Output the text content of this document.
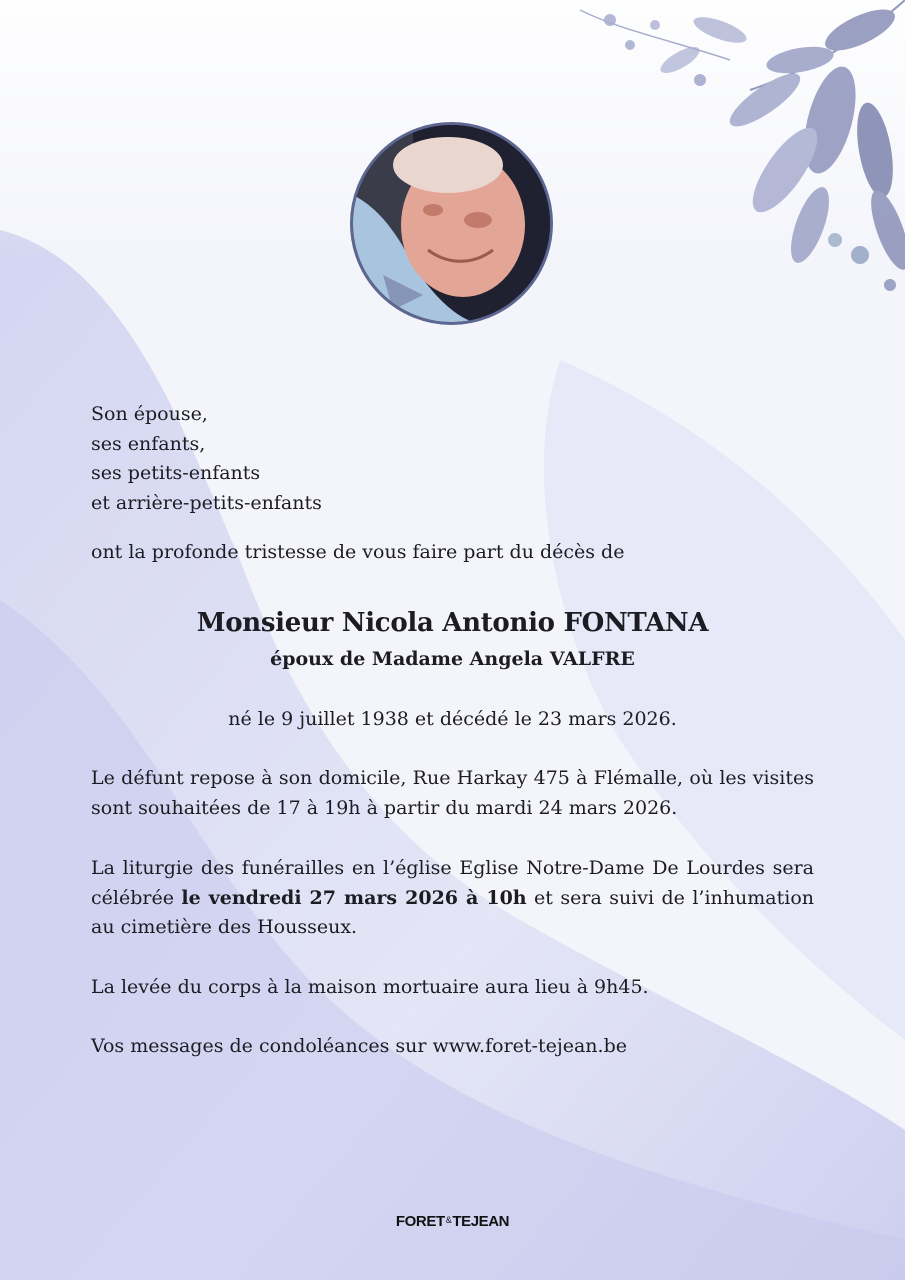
Son épouse,

ses enfants,

ses petits-enfants

et arrière-petits-enfants

ont la profonde tristesse de vous faire part du décès de

Monsieur Nicola Antonio FONTANA
époux de Madame Angela VALFRE

né le 9 juillet 1938 et décédé le 23 mars 2026.

Le défunt repose à son domicile, Rue Harkay 475 à Flémalle, où les visites sont souhaitées de 17 à 19h à partir du mardi 24 mars 2026.

La liturgie des funérailles en l’église Eglise Notre-Dame De Lourdes sera célébrée le vendredi 27 mars 2026 à 10h et sera suivi de l’inhumation au cimetière des Housseux.

La levée du corps à la maison mortuaire aura lieu à 9h45.

Vos messages de condoléances sur www.foret-tejean.be

FORET&TEJEAN
